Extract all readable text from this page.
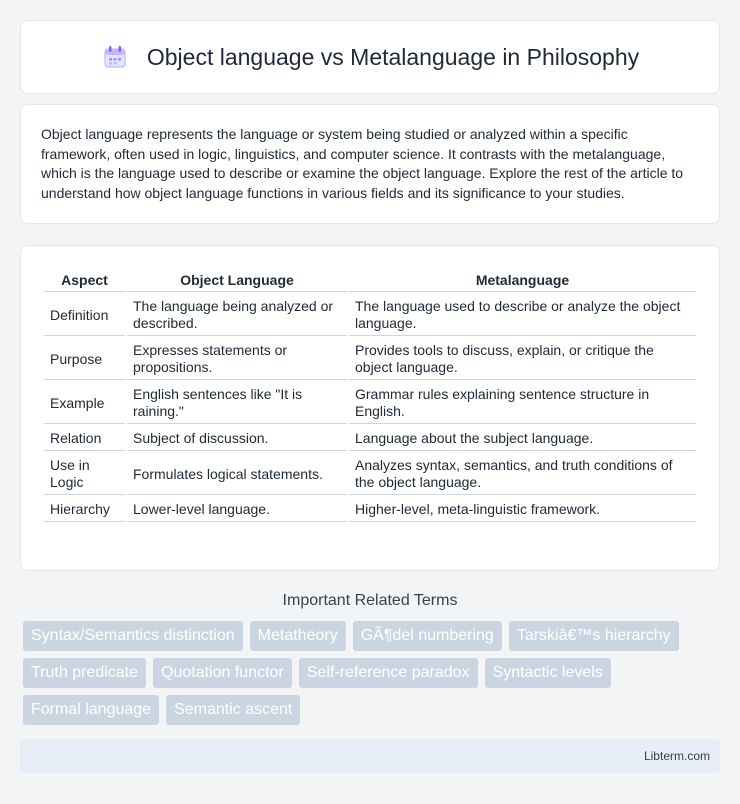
Object language vs Metalanguage in Philosophy

Object language represents the language or system being studied or analyzed within a specific framework, often used in logic, linguistics, and computer science. It contrasts with the metalanguage, which is the language used to describe or examine the object language. Explore the rest of the article to understand how object language functions in various fields and its significance to your studies.

Aspect	Object Language	Metalanguage
Definition	The language being analyzed or described.	The language used to describe or analyze the object language.
Purpose	Expresses statements or propositions.	Provides tools to discuss, explain, or critique the object language.
Example	English sentences like "It is raining."	Grammar rules explaining sentence structure in English.
Relation	Subject of discussion.	Language about the subject language.
Use in Logic	Formulates logical statements.	Analyzes syntax, semantics, and truth conditions of the object language.
Hierarchy	Lower-level language.	Higher-level, meta-linguistic framework.
Important Related Terms
Syntax/Semantics distinction	Metatheory	GÃ¶del numbering	Tarskiâ€™s hierarchy
Truth predicate	Quotation functor	Self-reference paradox	Syntactic levels
Formal language	Semantic ascent
Libterm.com
